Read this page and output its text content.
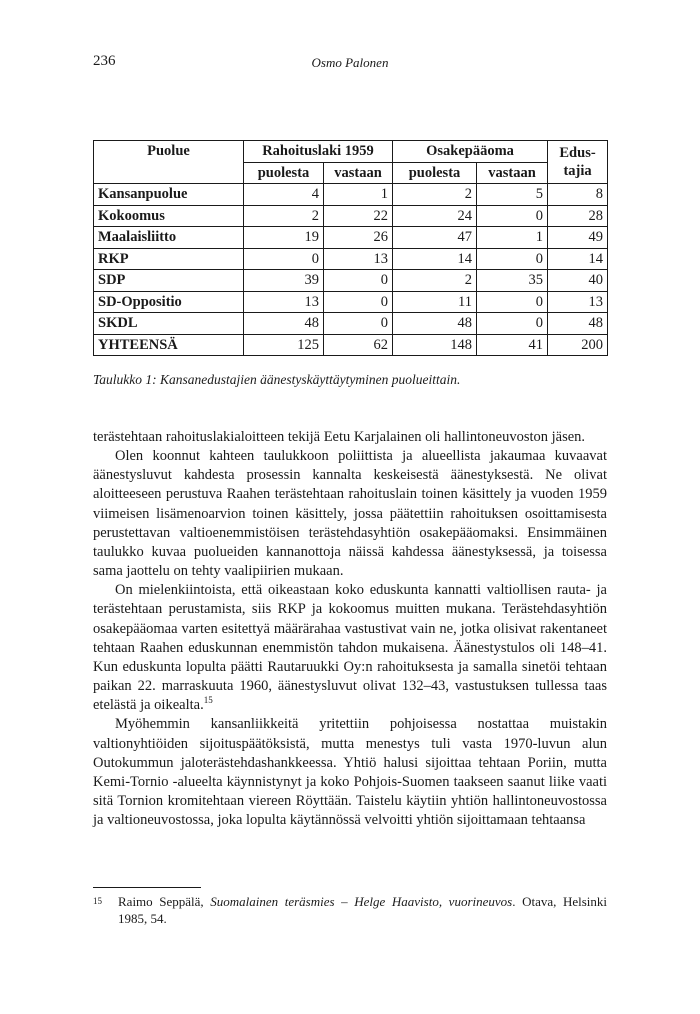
236	Osmo Palonen
Puolue	Rahoituslaki 1959		Osakepääoma		Edus-
tajia
	puolesta	vastaan	puolesta	vastaan	
Kansanpuolue	4	1	2	5	8
Kokoomus	2	22	24	0	28
Maalaisliitto	19	26	47	1	49
RKP	0	13	14	0	14
SDP	39	0	2	35	40
SD-Oppositio	13	0	11	0	13
SKDL	48	0	48	0	48
YHTEENSÄ	125	62	148	41	200
Taulukko 1: Kansanedustajien äänestyskäyttäytyminen puolueittain.

terästehtaan rahoituslakialoitteen tekijä Eetu Karjalainen oli hallintoneuvoston jäsen.

Olen koonnut kahteen taulukkoon poliittista ja alueellista jakaumaa kuvaavat äänestysluvut kahdesta prosessin kannalta keskeisestä äänestyksestä. Ne olivat aloitteeseen perustuva Raahen terästehtaan rahoituslain toinen käsittely ja vuoden 1959 viimeisen lisämenoarvion toinen käsittely, jossa päätettiin rahoituksen osoittamisesta perustettavan valtioenemmistöisen terästehdasyhtiön osakepääomaksi. Ensimmäinen taulukko kuvaa puolueiden kannanottoja näissä kahdessa äänestyksessä, ja toisessa sama jaottelu on tehty vaalipiirien mukaan.

On mielenkiintoista, että oikeastaan koko eduskunta kannatti valtiollisen rauta- ja terästehtaan perustamista, siis RKP ja kokoomus muitten mukana. Terästehdasyhtiön osakepääomaa varten esitettyä määrärahaa vastustivat vain ne, jotka olisivat rakentaneet tehtaan Raahen eduskunnan enemmistön tahdon mukaisena. Äänestystulos oli 148–41. Kun eduskunta lopulta päätti Rautaruukki Oy:n rahoituksesta ja samalla sinetöi tehtaan paikan 22. marraskuuta 1960, äänestysluvut olivat 132–43, vastustuksen tullessa taas etelästä ja oikealta.$^{15}$

Myöhemmin kansanliikkeitä yritettiin pohjoisessa nostattaa muistakin valtionyhtiöiden sijoituspäätöksistä, mutta menestys tuli vasta 1970-luvun alun Outokummun jaloterästehdashankkeessa. Yhtiö halusi sijoittaa tehtaan Poriin, mutta Kemi-Tornio -alueelta käynnistynyt ja koko Pohjois-Suomen taakseen saanut liike vaati sitä Tornion kromitehtaan viereen Röyttään. Taistelu käytiin yhtiön hallintoneuvostossa ja valtioneuvostossa, joka lopulta käytännössä velvoitti yhtiön sijoittamaan tehtaansa

15 Raimo Seppälä, Suomalainen teräsmies – Helge Haavisto, vuorineuvos. Otava, Helsinki 1985, 54.
